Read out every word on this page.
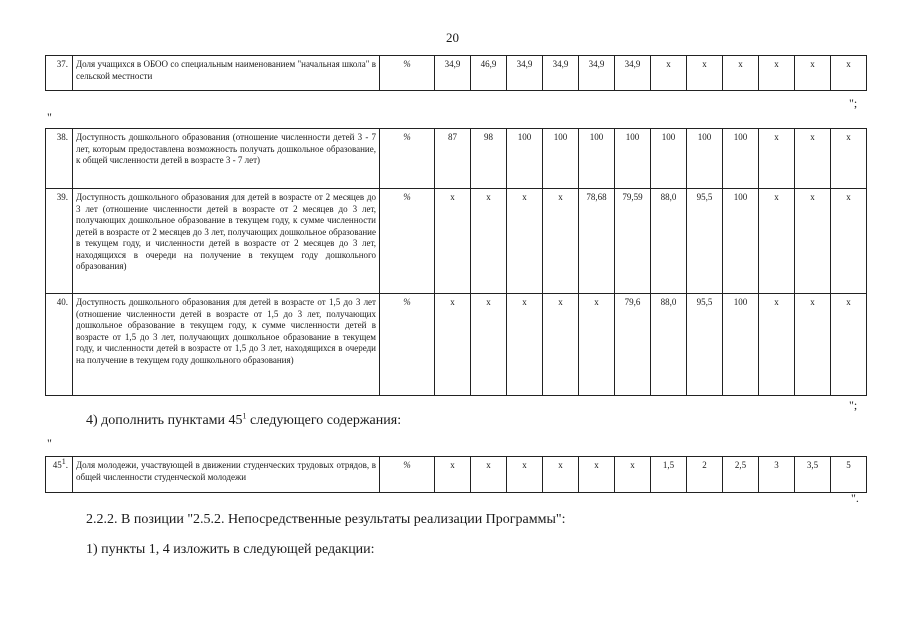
20
37.	Доля учащихся в ОБОО со специальным наименованием "начальная школа" в сельской местности	%	34,9	46,9	34,9	34,9	34,9	34,9	x	x	x	x	x	x
";
"
38.	Доступность дошкольного образования (отношение численности детей 3 - 7 лет, которым предоставлена возможность получать дошкольное образование, к общей численности детей в возрасте 3 - 7 лет)	%	87	98	100	100	100	100	100	100	100	x	x	x
39.	Доступность дошкольного образования для детей в возрасте от 2 месяцев до 3 лет (отношение численности детей в возрасте от 2 месяцев до 3 лет, получающих дошкольное образование в текущем году, к сумме численности детей в возрасте от 2 месяцев до 3 лет, получающих дошкольное образование в текущем году, и численности детей в возрасте от 2 месяцев до 3 лет, находящихся в очереди на получение в текущем году дошкольного образования)	%	x	x	x	x	78,68	79,59	88,0	95,5	100	x	x	x
40.	Доступность дошкольного образования для детей в возрасте от 1,5 до 3 лет (отношение численности детей в возрасте от 1,5 до 3 лет, получающих дошкольное образование в текущем году, к сумме численности детей в возрасте от 1,5 до 3 лет, получающих дошкольное образование в текущем году, и численности детей в возрасте от 1,5 до 3 лет, находящихся в очереди на получение в текущем году дошкольного образования)	%	x	x	x	x	x	79,6	88,0	95,5	100	x	x	x
";
4) дополнить пунктами $45^1$ следующего содержания:
"
$45^1$.	Доля молодежи, участвующей в движении студенческих трудовых отрядов, в общей численности студенческой молодежи	%	x	x	x	x	x	x	1,5	2	2,5	3	3,5	5
".
2.2.2. В позиции "2.5.2. Непосредственные результаты реализации Программы":
1) пункты 1, 4 изложить в следующей редакции:
